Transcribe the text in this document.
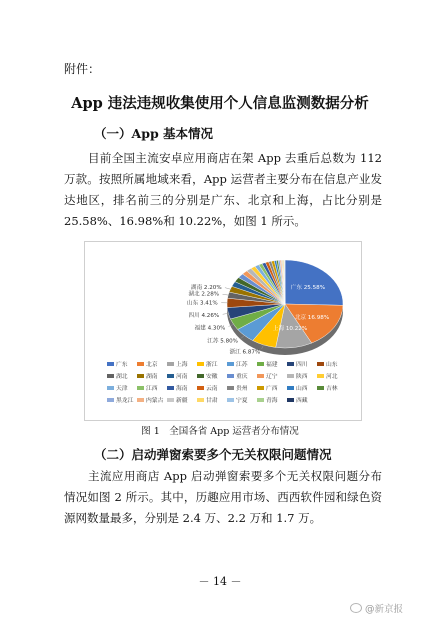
附件：
App 违法违规收集使用个人信息监测数据分析
（一）App 基本情况
目前全国主流安卓应用商店在架 App 去重后总数为 112 万款。按照所属地域来看，App 运营者主要分布在信息产业发达地区，排名前三的分别是广东、北京和上海，占比分别是 25.58%、16.98%和 10.22%，如图 1 所示。
广东 25.58%
北京 16.98%
上海 10.22%
浙江 6.87%
江苏 5.80%
福建 4.30%
四川 4.26%
山东 3.41%
湖北 2.28%
湖南 2.20%
广东	北京	上海	浙江	江苏	福建	四川	山东
湖北	湖南	河南	安徽	重庆	辽宁	陕西	河北
天津	江西	海南	云南	贵州	广西	山西	吉林
黑龙江 内蒙古 新疆	甘肃	宁夏	青海	西藏
图 1　全国各省 App 运营者分布情况
（二）启动弹窗索要多个无关权限问题情况
主流应用商店 App 启动弹窗索要多个无关权限问题分布情况如图 2 所示。其中，历趣应用市场、西西软件园和绿色资源网数量最多，分别是 2.4 万、2.2 万和 1.7 万。
－ 14 －
@新京报
